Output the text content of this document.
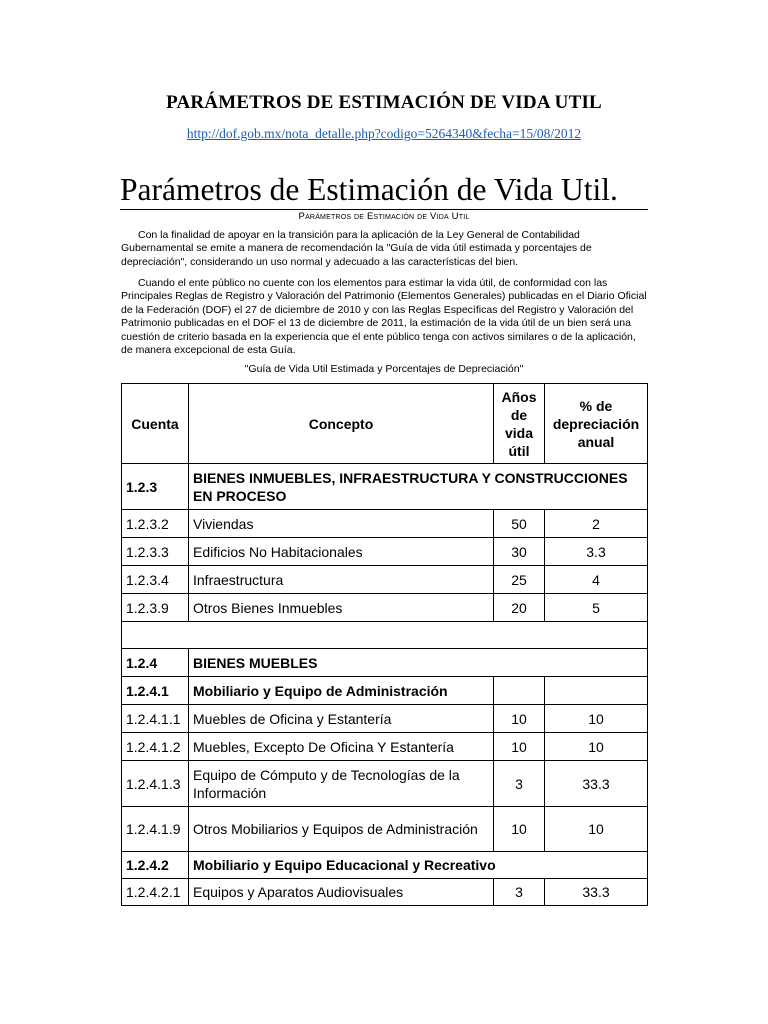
PARÁMETROS DE ESTIMACIÓN DE VIDA UTIL
http://dof.gob.mx/nota_detalle.php?codigo=5264340&fecha=15/08/2012
Parámetros de Estimación de Vida Util.
Parámetros de Estimación de Vida Util
Con la finalidad de apoyar en la transición para la aplicación de la Ley General de Contabilidad Gubernamental se emite a manera de recomendación la "Guía de vida útil estimada y porcentajes de depreciación", considerando un uso normal y adecuado a las características del bien.
Cuando el ente público no cuente con los elementos para estimar la vida útil, de conformidad con las Principales Reglas de Registro y Valoración del Patrimonio (Elementos Generales) publicadas en el Diario Oficial de la Federación (DOF) el 27 de diciembre de 2010 y con las Reglas Específicas del Registro y Valoración del Patrimonio publicadas en el DOF el 13 de diciembre de 2011, la estimación de la vida útil de un bien será una cuestión de criterio basada en la experiencia que el ente público tenga con activos similares o de la aplicación, de manera excepcional de esta Guía.
"Guía de Vida Util Estimada y Porcentajes de Depreciación"
Cuenta	Concepto	Años de vida útil	% de depreciación anual
1.2.3	BIENES INMUEBLES, INFRAESTRUCTURA Y CONSTRUCCIONES EN PROCESO		
1.2.3.2	Viviendas	50	2
1.2.3.3	Edificios No Habitacionales	30	3.3
1.2.3.4	Infraestructura	25	4
1.2.3.9	Otros Bienes Inmuebles	20	5

1.2.4	BIENES MUEBLES		
1.2.4.1	Mobiliario y Equipo de Administración		
1.2.4.1.1	Muebles de Oficina y Estantería	10	10
1.2.4.1.2	Muebles, Excepto De Oficina Y Estantería	10	10
1.2.4.1.3	Equipo de Cómputo y de Tecnologías de la Información	3	33.3
1.2.4.1.9	Otros Mobiliarios y Equipos de Administración	10	10
1.2.4.2	Mobiliario y Equipo Educacional y Recreativo		
1.2.4.2.1	Equipos y Aparatos Audiovisuales	3	33.3
